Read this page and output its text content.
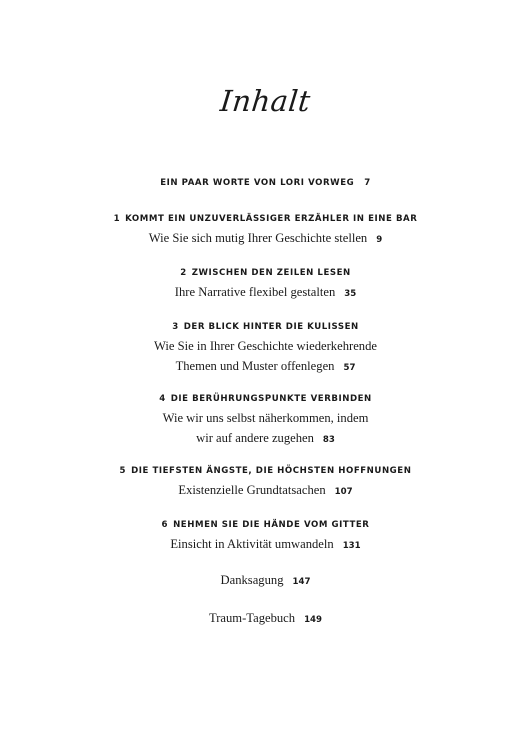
Inhalt
EIN PAAR WORTE VON LORI VORWEG 7
1 KOMMT EIN UNZUVERLÄSSIGER ERZÄHLER IN EINE BAR
Wie Sie sich mutig Ihrer Geschichte stellen 9
2 ZWISCHEN DEN ZEILEN LESEN
Ihre Narrative flexibel gestalten 35
3 DER BLICK HINTER DIE KULISSEN
Wie Sie in Ihrer Geschichte wiederkehrende
Themen und Muster offenlegen 57
4 DIE BERÜHRUNGSPUNKTE VERBINDEN
Wie wir uns selbst näherkommen, indem
wir auf andere zugehen 83
5 DIE TIEFSTEN ÄNGSTE, DIE HÖCHSTEN HOFFNUNGEN
Existenzielle Grundtatsachen 107
6 NEHMEN SIE DIE HÄNDE VOM GITTER
Einsicht in Aktivität umwandeln 131
Danksagung 147
Traum-Tagebuch 149
